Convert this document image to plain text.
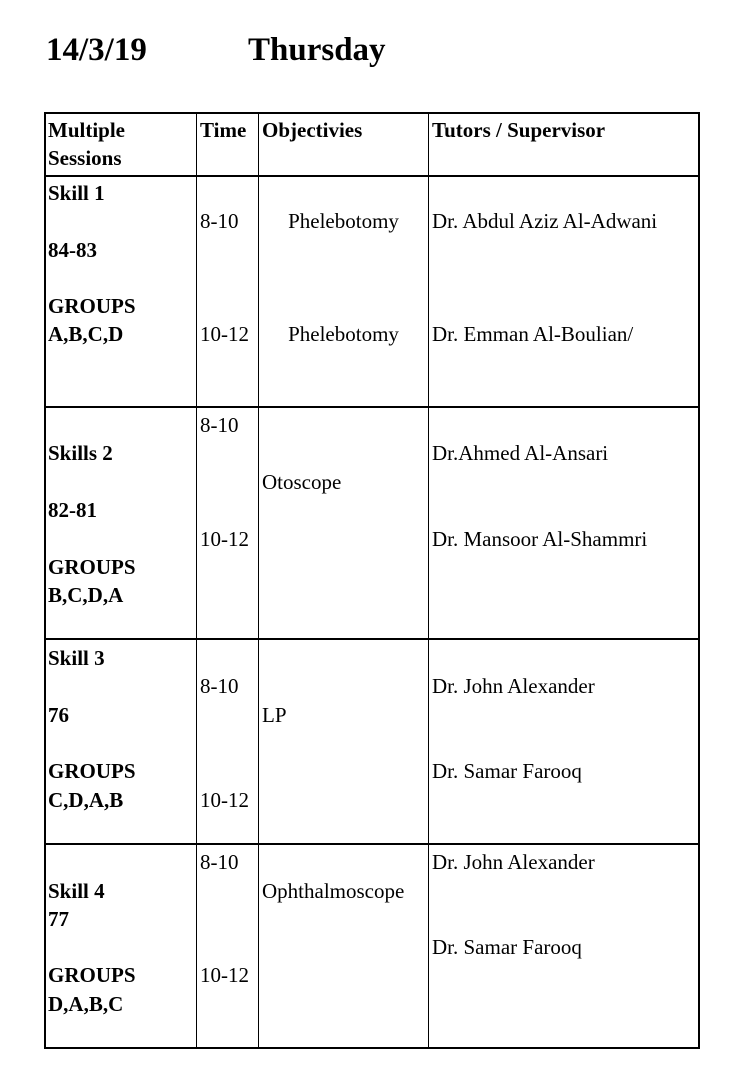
14/3/19	Thursday
Multiple
Sessions
Time Objectivies	Tutors / Supervisor
Skill 1
84-83
GROUPS
A,B,C,D
8-10
10-12
Phelebotomy
Phelebotomy
Dr. Abdul Aziz Al-Adwani
Dr. Emman Al-Boulian/
Skills 2
82-81
GROUPS
B,C,D,A
8-10
10-12
Otoscope
Dr.Ahmed Al-Ansari
Dr. Mansoor Al-Shammri
Skill 3
76
GROUPS
C,D,A,B
8-10
10-12
LP
Dr. John Alexander
Dr. Samar Farooq
Skill 4
77
GROUPS
D,A,B,C
8-10
10-12
Ophthalmoscope
Dr. John Alexander
Dr. Samar Farooq
